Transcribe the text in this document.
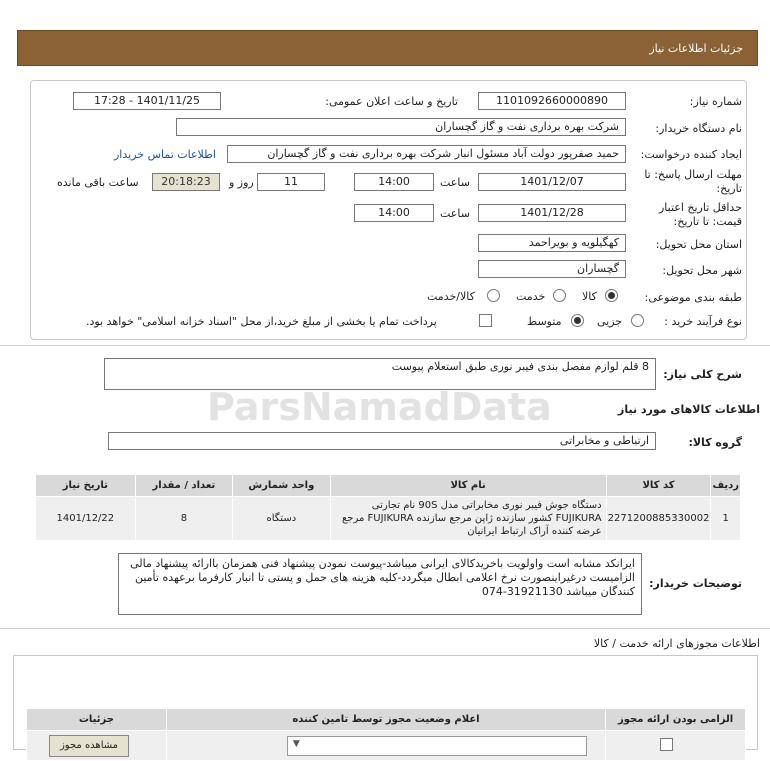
جزئیات اطلاعات نیاز
شماره نیاز:
1101092660000890
تاریخ و ساعت اعلان عمومی:
1401/11/25 - 17:28
نام دستگاه خریدار:
شرکت بهره برداری نفت و گاز گچساران
ایجاد کننده درخواست:
حمید صفرپور دولت آباد مسئول انبار شرکت بهره برداری نفت و گاز گچساران
اطلاعات تماس خریدار
مهلت ارسال پاسخ: تا
تاریخ:
1401/12/07
ساعت
14:00
11
روز و
20:18:23
ساعت باقی مانده
حداقل تاریخ اعتبار
قیمت: تا تاریخ:
1401/12/28
ساعت
14:00
استان محل تحویل:
کهگیلویه و بویراحمد
شهر محل تحویل:
گچساران
طبقه بندی موضوعی:
کالا
خدمت
کالا/خدمت
نوع فرآیند خرید :
جزیی
متوسط
پرداخت تمام یا بخشی از مبلغ خرید،از محل "اسناد خزانه اسلامی" خواهد بود.
شرح کلی نیاز:
8 قلم لوازم مفصل بندی فیبر نوری طبق استعلام پیوست
اطلاعات کالاهای مورد نیاز
گروه کالا:
ارتباطی و مخابراتی
ردیف	کد کالا	نام کالا	واحد شمارش	تعداد / مقدار	تاریخ نیاز
1	2271200885330002	دستگاه جوش فیبر نوری مخابراتی مدل 90S نام تجارتی FUJIKURA کشور سازنده ژاپن مرجع سازنده FUJIKURA مرجع عرضه کننده آراک ارتباط ایرانیان	دستگاه	8	1401/12/22
توضیحات خریدار:
ایرانکد مشابه است واولویت باخریدکالای ایرانی میباشد-پیوست نمودن پیشنهاد فنی همزمان باارائه پیشنهاد مالی الزامیست درغیراینصورت نرخ اعلامی ابطال میگردد-کلیه هزینه های حمل و پستی تا انبار کارفرما برعهده تأمین کنندگان میباشد 31921130-074
اطلاعات مجوزهای ارائه خدمت / کالا
الزامی بودن ارائه مجوز	اعلام وضعیت مجوز توسط تامین کننده	جزئیات

	▼	مشاهده مجوز
ParsNamadData
